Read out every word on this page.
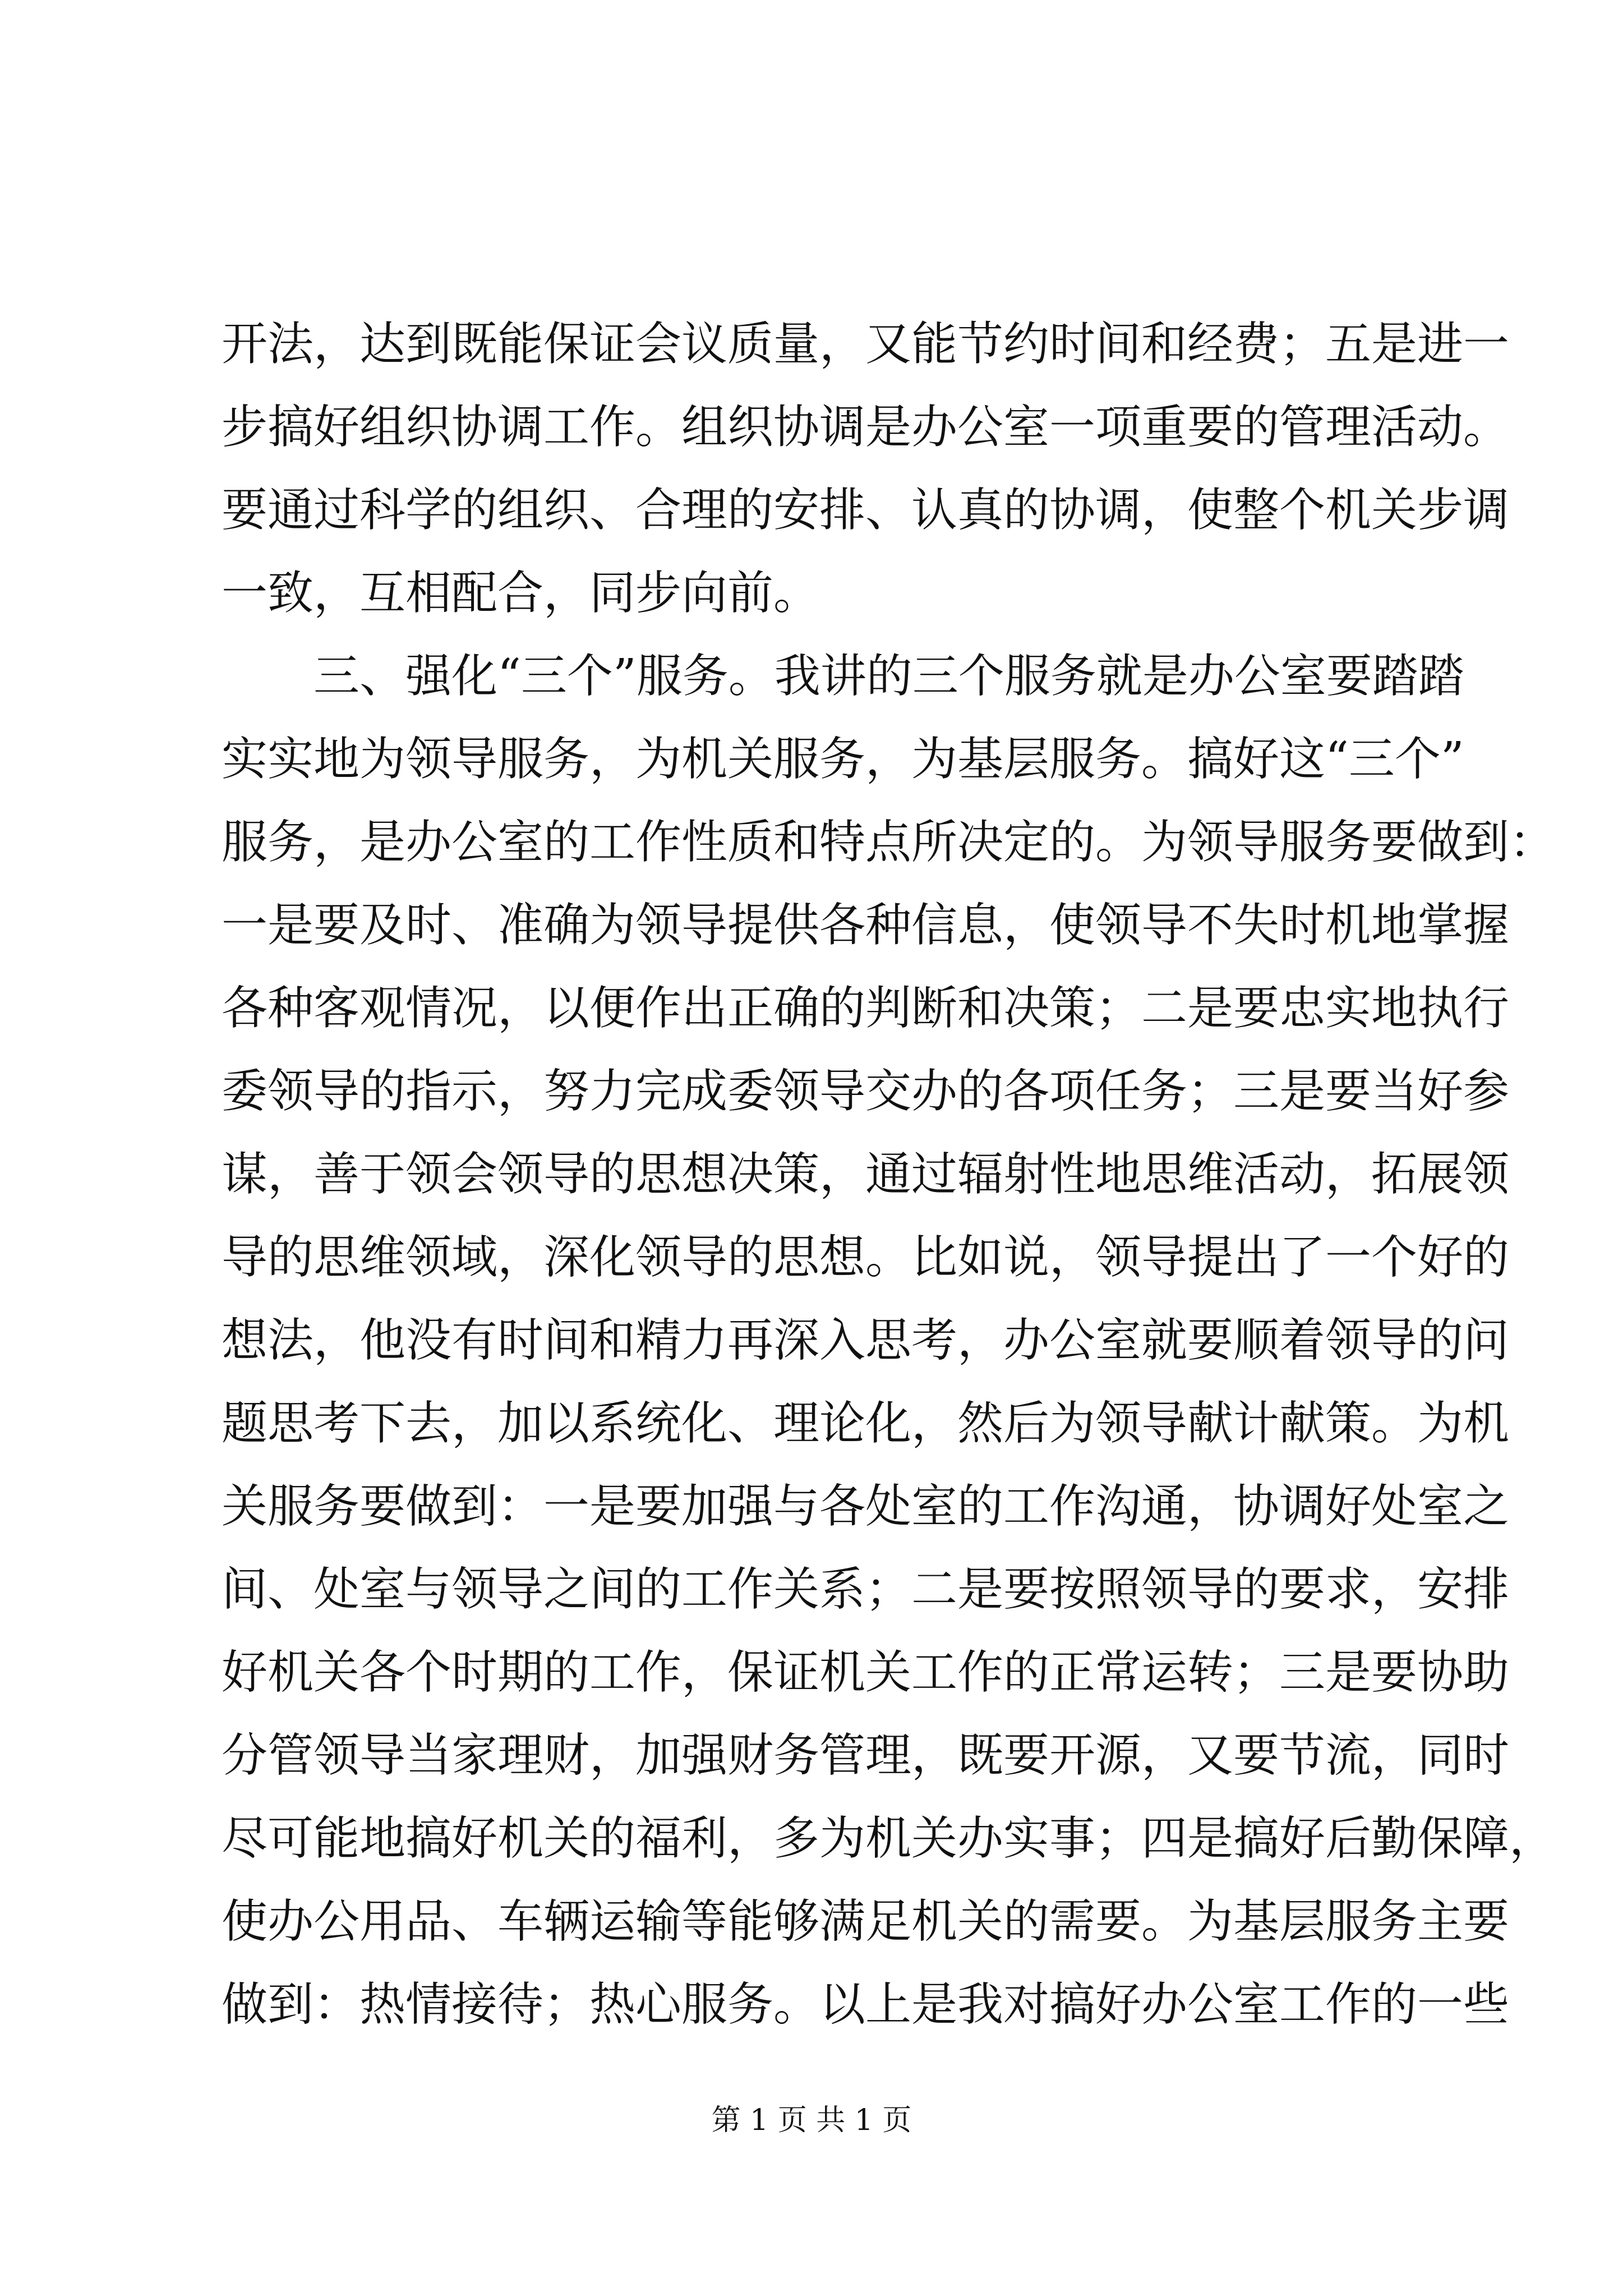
开法，达到既能保证会议质量，又能节约时间和经费；五是进一
步搞好组织协调工作。组织协调是办公室一项重要的管理活动。
要通过科学的组织、合理的安排、认真的协调，使整个机关步调
一致，互相配合，同步向前。
三、强化“三个”服务。我讲的三个服务就是办公室要踏踏
实实地为领导服务，为机关服务，为基层服务。搞好这“三个”
服务，是办公室的工作性质和特点所决定的。为领导服务要做到：
一是要及时、准确为领导提供各种信息，使领导不失时机地掌握
各种客观情况，以便作出正确的判断和决策；二是要忠实地执行
委领导的指示，努力完成委领导交办的各项任务；三是要当好参
谋，善于领会领导的思想决策，通过辐射性地思维活动，拓展领
导的思维领域，深化领导的思想。比如说，领导提出了一个好的
想法，他没有时间和精力再深入思考，办公室就要顺着领导的问
题思考下去，加以系统化、理论化，然后为领导献计献策。为机
关服务要做到：一是要加强与各处室的工作沟通，协调好处室之
间、处室与领导之间的工作关系；二是要按照领导的要求，安排
好机关各个时期的工作，保证机关工作的正常运转；三是要协助
分管领导当家理财，加强财务管理，既要开源，又要节流，同时
尽可能地搞好机关的福利，多为机关办实事；四是搞好后勤保障，
使办公用品、车辆运输等能够满足机关的需要。为基层服务主要
做到：热情接待；热心服务。以上是我对搞好办公室工作的一些
第 1 页 共 1 页
